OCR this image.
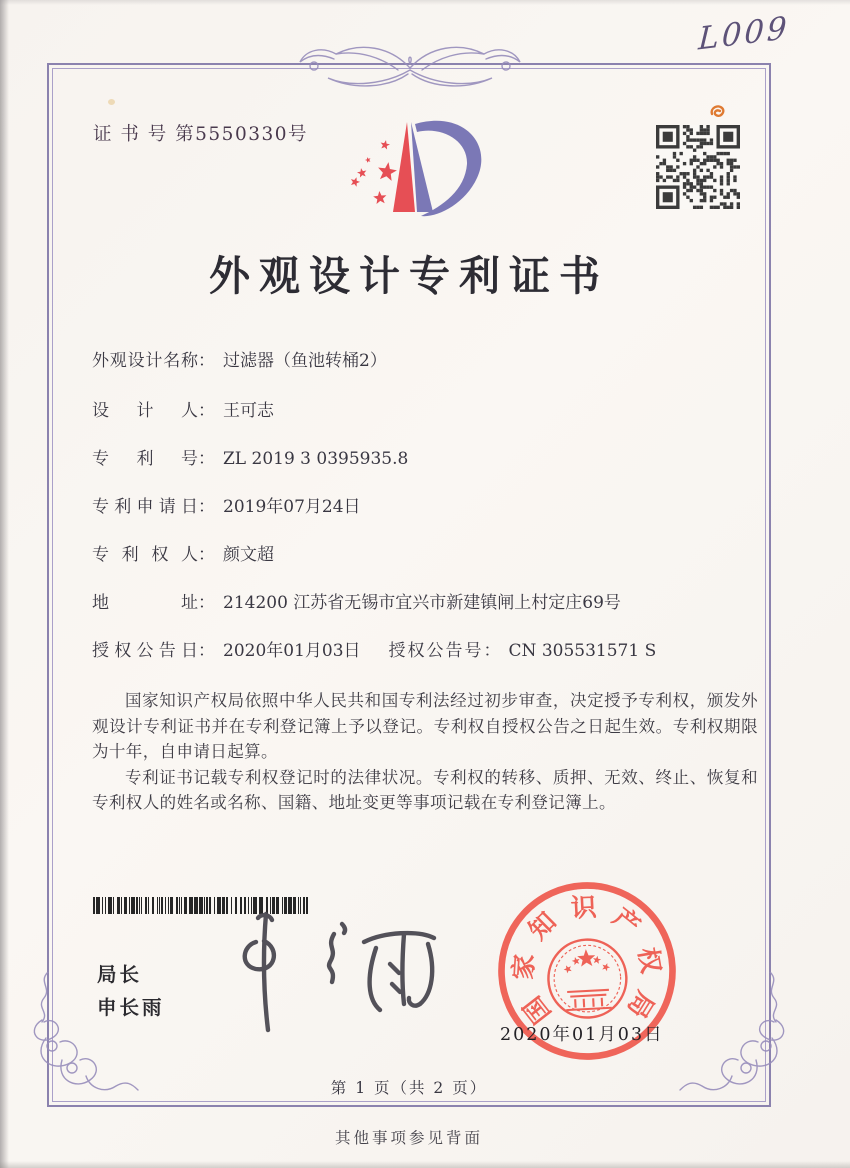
证 书 号 第5550330号
L009
外观设计专利证书
外观设计名称 ： 过滤器（鱼池转桶2）
设计人 ： 王可志
专利号 ： ZL 2019 3 0395935.8
专利申请日 ： 2019年07月24日
专利权人 ： 颜文超
地址 ： 214200 江苏省无锡市宜兴市新建镇闸上村定庄69号
授权公告日 ： 2020年01月03日 授权公告号 ： CN 305531571 S

国家知识产权局依照中华人民共和国专利法经过初步审查，决定授予专利权，颁发外观设计专利证书并在专利登记簿上予以登记。专利权自授权公告之日起生效。专利权期限为十年，自申请日起算。

专利证书记载专利权登记时的法律状况。专利权的转移、质押、无效、终止、恢复和专利权人的姓名或名称、国籍、地址变更等事项记载在专利登记簿上。

局长
申长雨	国
家
知 识 产
权
局
2020年01月03日
第 1 页（共 2 页）
其他事项参见背面
